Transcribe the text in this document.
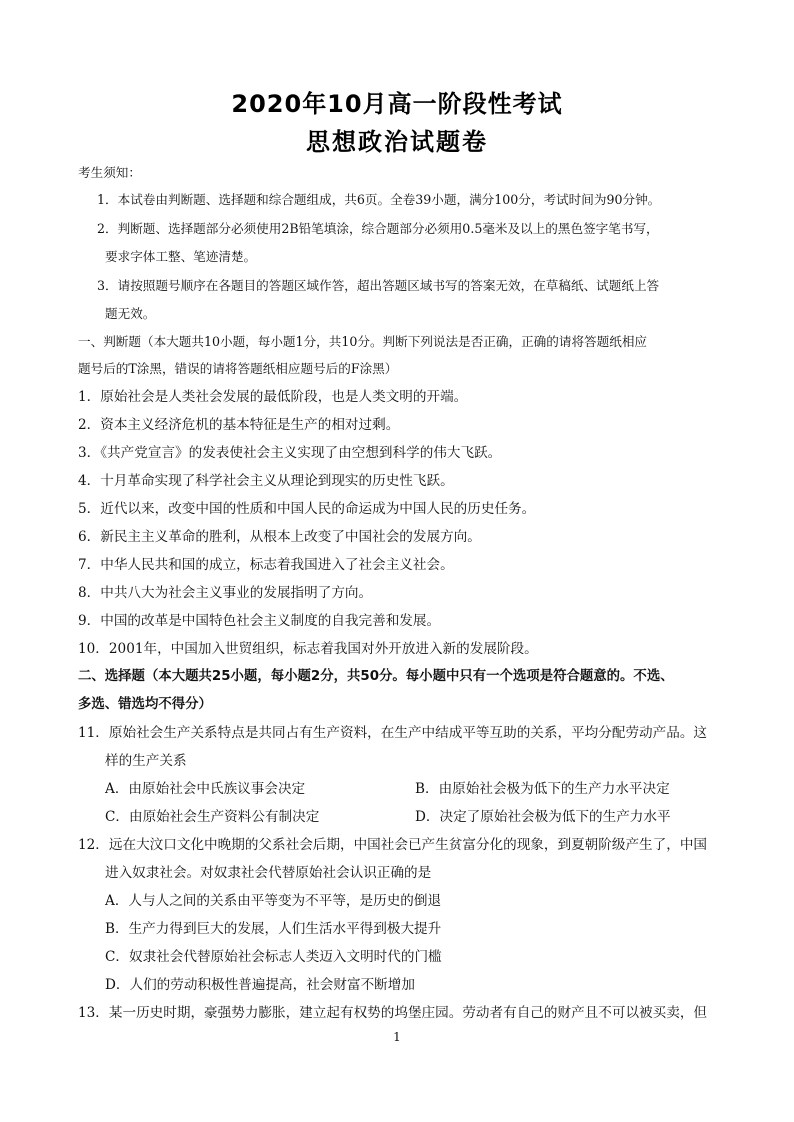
2020年10月高一阶段性考试
思想政治试题卷
考生须知：
1．本试卷由判断题、选择题和综合题组成，共6页。全卷39小题，满分100分，考试时间为90分钟。
2．判断题、选择题部分必须使用2B铅笔填涂，综合题部分必须用0.5毫米及以上的黑色签字笔书写，
要求字体工整、笔迹清楚。
3．请按照题号顺序在各题目的答题区域作答，超出答题区域书写的答案无效，在草稿纸、试题纸上答
题无效。
一、判断题（本大题共10小题，每小题1分，共10分。判断下列说法是否正确，正确的请将答题纸相应
题号后的T涂黑，错误的请将答题纸相应题号后的F涂黑）
1．原始社会是人类社会发展的最低阶段，也是人类文明的开端。
2．资本主义经济危机的基本特征是生产的相对过剩。
3．《共产党宣言》的发表使社会主义实现了由空想到科学的伟大飞跃。
4．十月革命实现了科学社会主义从理论到现实的历史性飞跃。
5．近代以来，改变中国的性质和中国人民的命运成为中国人民的历史任务。
6．新民主主义革命的胜利，从根本上改变了中国社会的发展方向。
7．中华人民共和国的成立，标志着我国进入了社会主义社会。
8．中共八大为社会主义事业的发展指明了方向。
9．中国的改革是中国特色社会主义制度的自我完善和发展。
10．2001年，中国加入世贸组织，标志着我国对外开放进入新的发展阶段。
二、选择题（本大题共25小题，每小题2分，共50分。每小题中只有一个选项是符合题意的。不选、
多选、错选均不得分）
11．原始社会生产关系特点是共同占有生产资料，在生产中结成平等互助的关系，平均分配劳动产品。这
样的生产关系
A．由原始社会中氏族议事会决定	B．由原始社会极为低下的生产力水平决定
C．由原始社会生产资料公有制决定	D．决定了原始社会极为低下的生产力水平
12．远在大汶口文化中晚期的父系社会后期，中国社会已产生贫富分化的现象，到夏朝阶级产生了，中国
进入奴隶社会。对奴隶社会代替原始社会认识正确的是
A．人与人之间的关系由平等变为不平等，是历史的倒退
B．生产力得到巨大的发展，人们生活水平得到极大提升
C．奴隶社会代替原始社会标志人类迈入文明时代的门槛
D．人们的劳动积极性普遍提高，社会财富不断增加
13．某一历史时期，豪强势力膨胀，建立起有权势的坞堡庄园。劳动者有自己的财产且不可以被买卖，但
1
